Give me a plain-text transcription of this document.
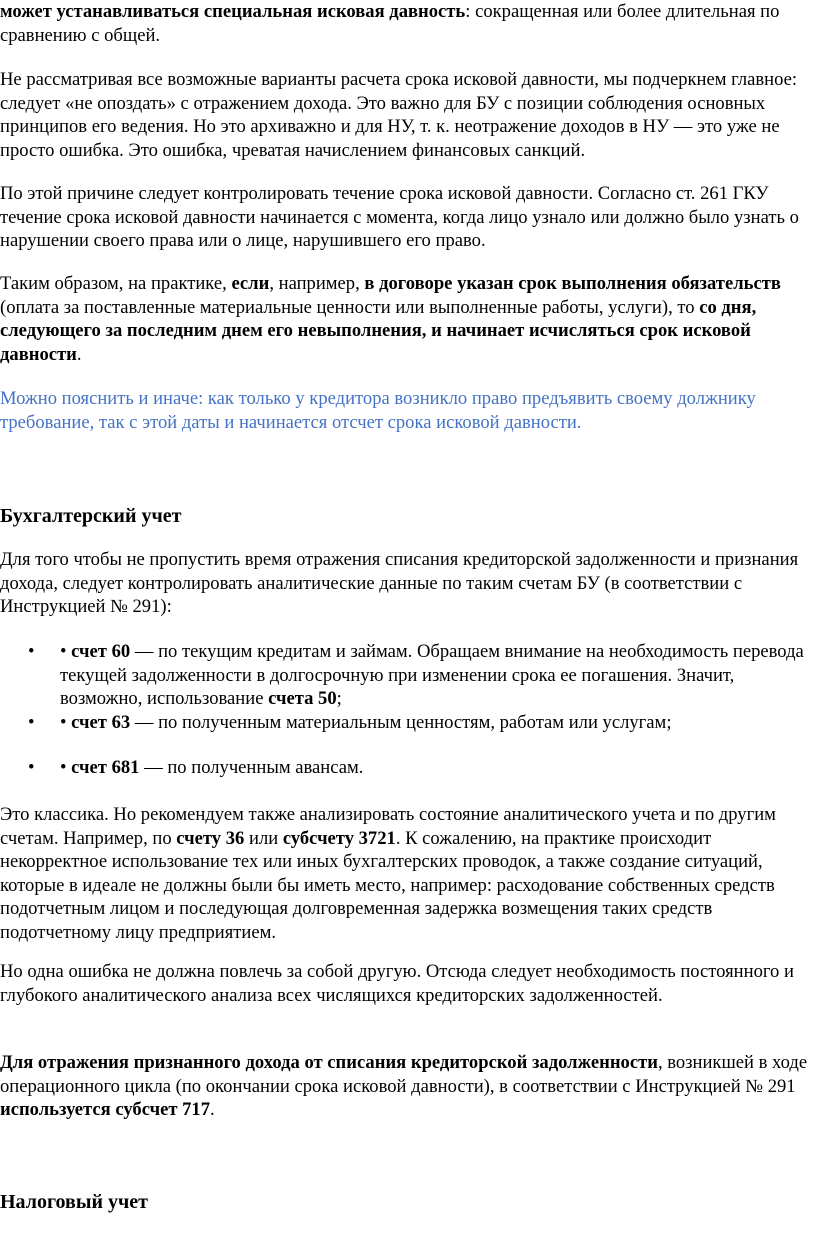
может устанавливаться специальная исковая давность: сокращенная или более длительная по сравнению с общей.

Не рассматривая все возможные варианты расчета срока исковой давности, мы подчеркнем главное: следует «не опоздать» с отражением дохода. Это важно для БУ с позиции соблюдения основных принципов его ведения. Но это архиважно и для НУ, т. к. неотражение доходов в НУ — это уже не просто ошибка. Это ошибка, чреватая начислением финансовых санкций.

По этой причине следует контролировать течение срока исковой давности. Согласно ст. 261 ГКУ течение срока исковой давности начинается с момента, когда лицо узнало или должно было узнать о нарушении своего права или о лице, нарушившего его право.

Таким образом, на практике, если, например, в договоре указан срок выполнения обязательств (оплата за поставленные материальные ценности или выполненные работы, услуги), то со дня, следующего за последним днем его невыполнения, и начинает исчисляться срок исковой давности.

Можно пояснить и иначе: как только у кредитора возникло право предъявить своему должнику требование, так с этой даты и начинается отсчет срока исковой давности.

Бухгалтерский учет

Для того чтобы не пропустить время отражения списания кредиторской задолженности и признания дохода, следует контролировать аналитические данные по таким счетам БУ (в соответствии с Инструкцией № 291):

• • счет 60 — по текущим кредитам и займам. Обращаем внимание на необходимость перевода текущей задолженности в долгосрочную при изменении срока ее погашения. Значит, возможно, использование счета 50;
• • счет 63 — по полученным материальным ценностям, работам или услугам;
• • счет 681 — по полученным авансам.

Это классика. Но рекомендуем также анализировать состояние аналитического учета и по другим счетам. Например, по счету 36 или субсчету 3721. К сожалению, на практике происходит некорректное использование тех или иных бухгалтерских проводок, а также создание ситуаций, которые в идеале не должны были бы иметь место, например: расходование собственных средств подотчетным лицом и последующая долговременная задержка возмещения таких средств подотчетному лицу предприятием.

Но одна ошибка не должна повлечь за собой другую. Отсюда следует необходимость постоянного и глубокого аналитического анализа всех числящихся кредиторских задолженностей.

Для отражения признанного дохода от списания кредиторской задолженности, возникшей в ходе операционного цикла (по окончании срока исковой давности), в соответствии с Инструкцией № 291 используется субсчет 717.

Налоговый учет
